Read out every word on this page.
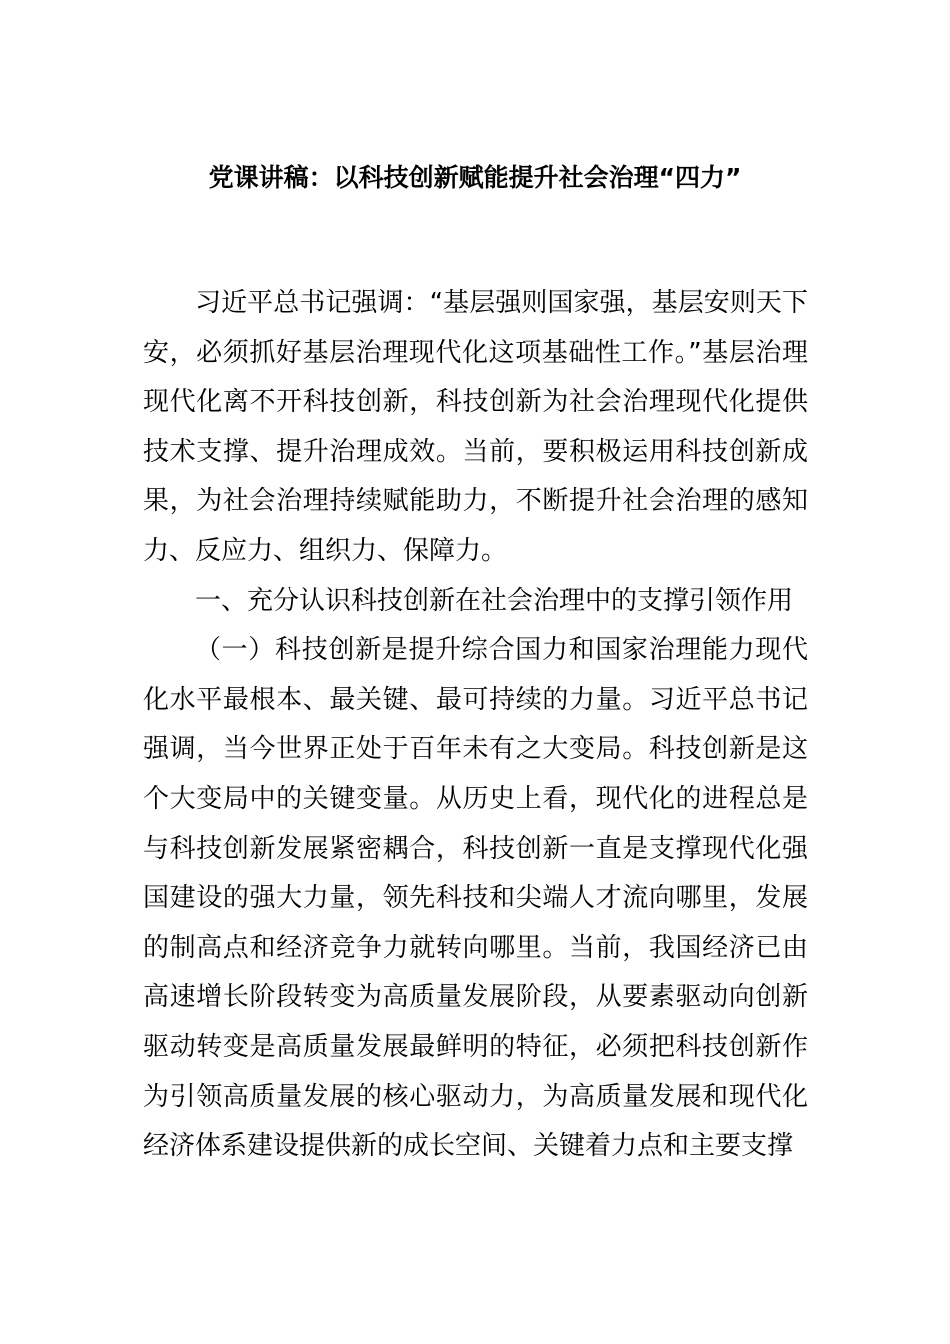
党课讲稿：以科技创新赋能提升社会治理“四力”

习近平总书记强调：“基层强则国家强，基层安则天下安，必须抓好基层治理现代化这项基础性工作。”基层治理现代化离不开科技创新，科技创新为社会治理现代化提供技术支撑、提升治理成效。当前，要积极运用科技创新成果，为社会治理持续赋能助力，不断提升社会治理的感知力、反应力、组织力、保障力。

一、充分认识科技创新在社会治理中的支撑引领作用

（一）科技创新是提升综合国力和国家治理能力现代化水平最根本、最关键、最可持续的力量。习近平总书记强调，当今世界正处于百年未有之大变局。科技创新是这个大变局中的关键变量。从历史上看，现代化的进程总是与科技创新发展紧密耦合，科技创新一直是支撑现代化强国建设的强大力量，领先科技和尖端人才流向哪里，发展的制高点和经济竞争力就转向哪里。当前，我国经济已由高速增长阶段转变为高质量发展阶段，从要素驱动向创新驱动转变是高质量发展最鲜明的特征，必须把科技创新作为引领高质量发展的核心驱动力，为高质量发展和现代化经济体系建设提供新的成长空间、关键着力点和主要支撑
